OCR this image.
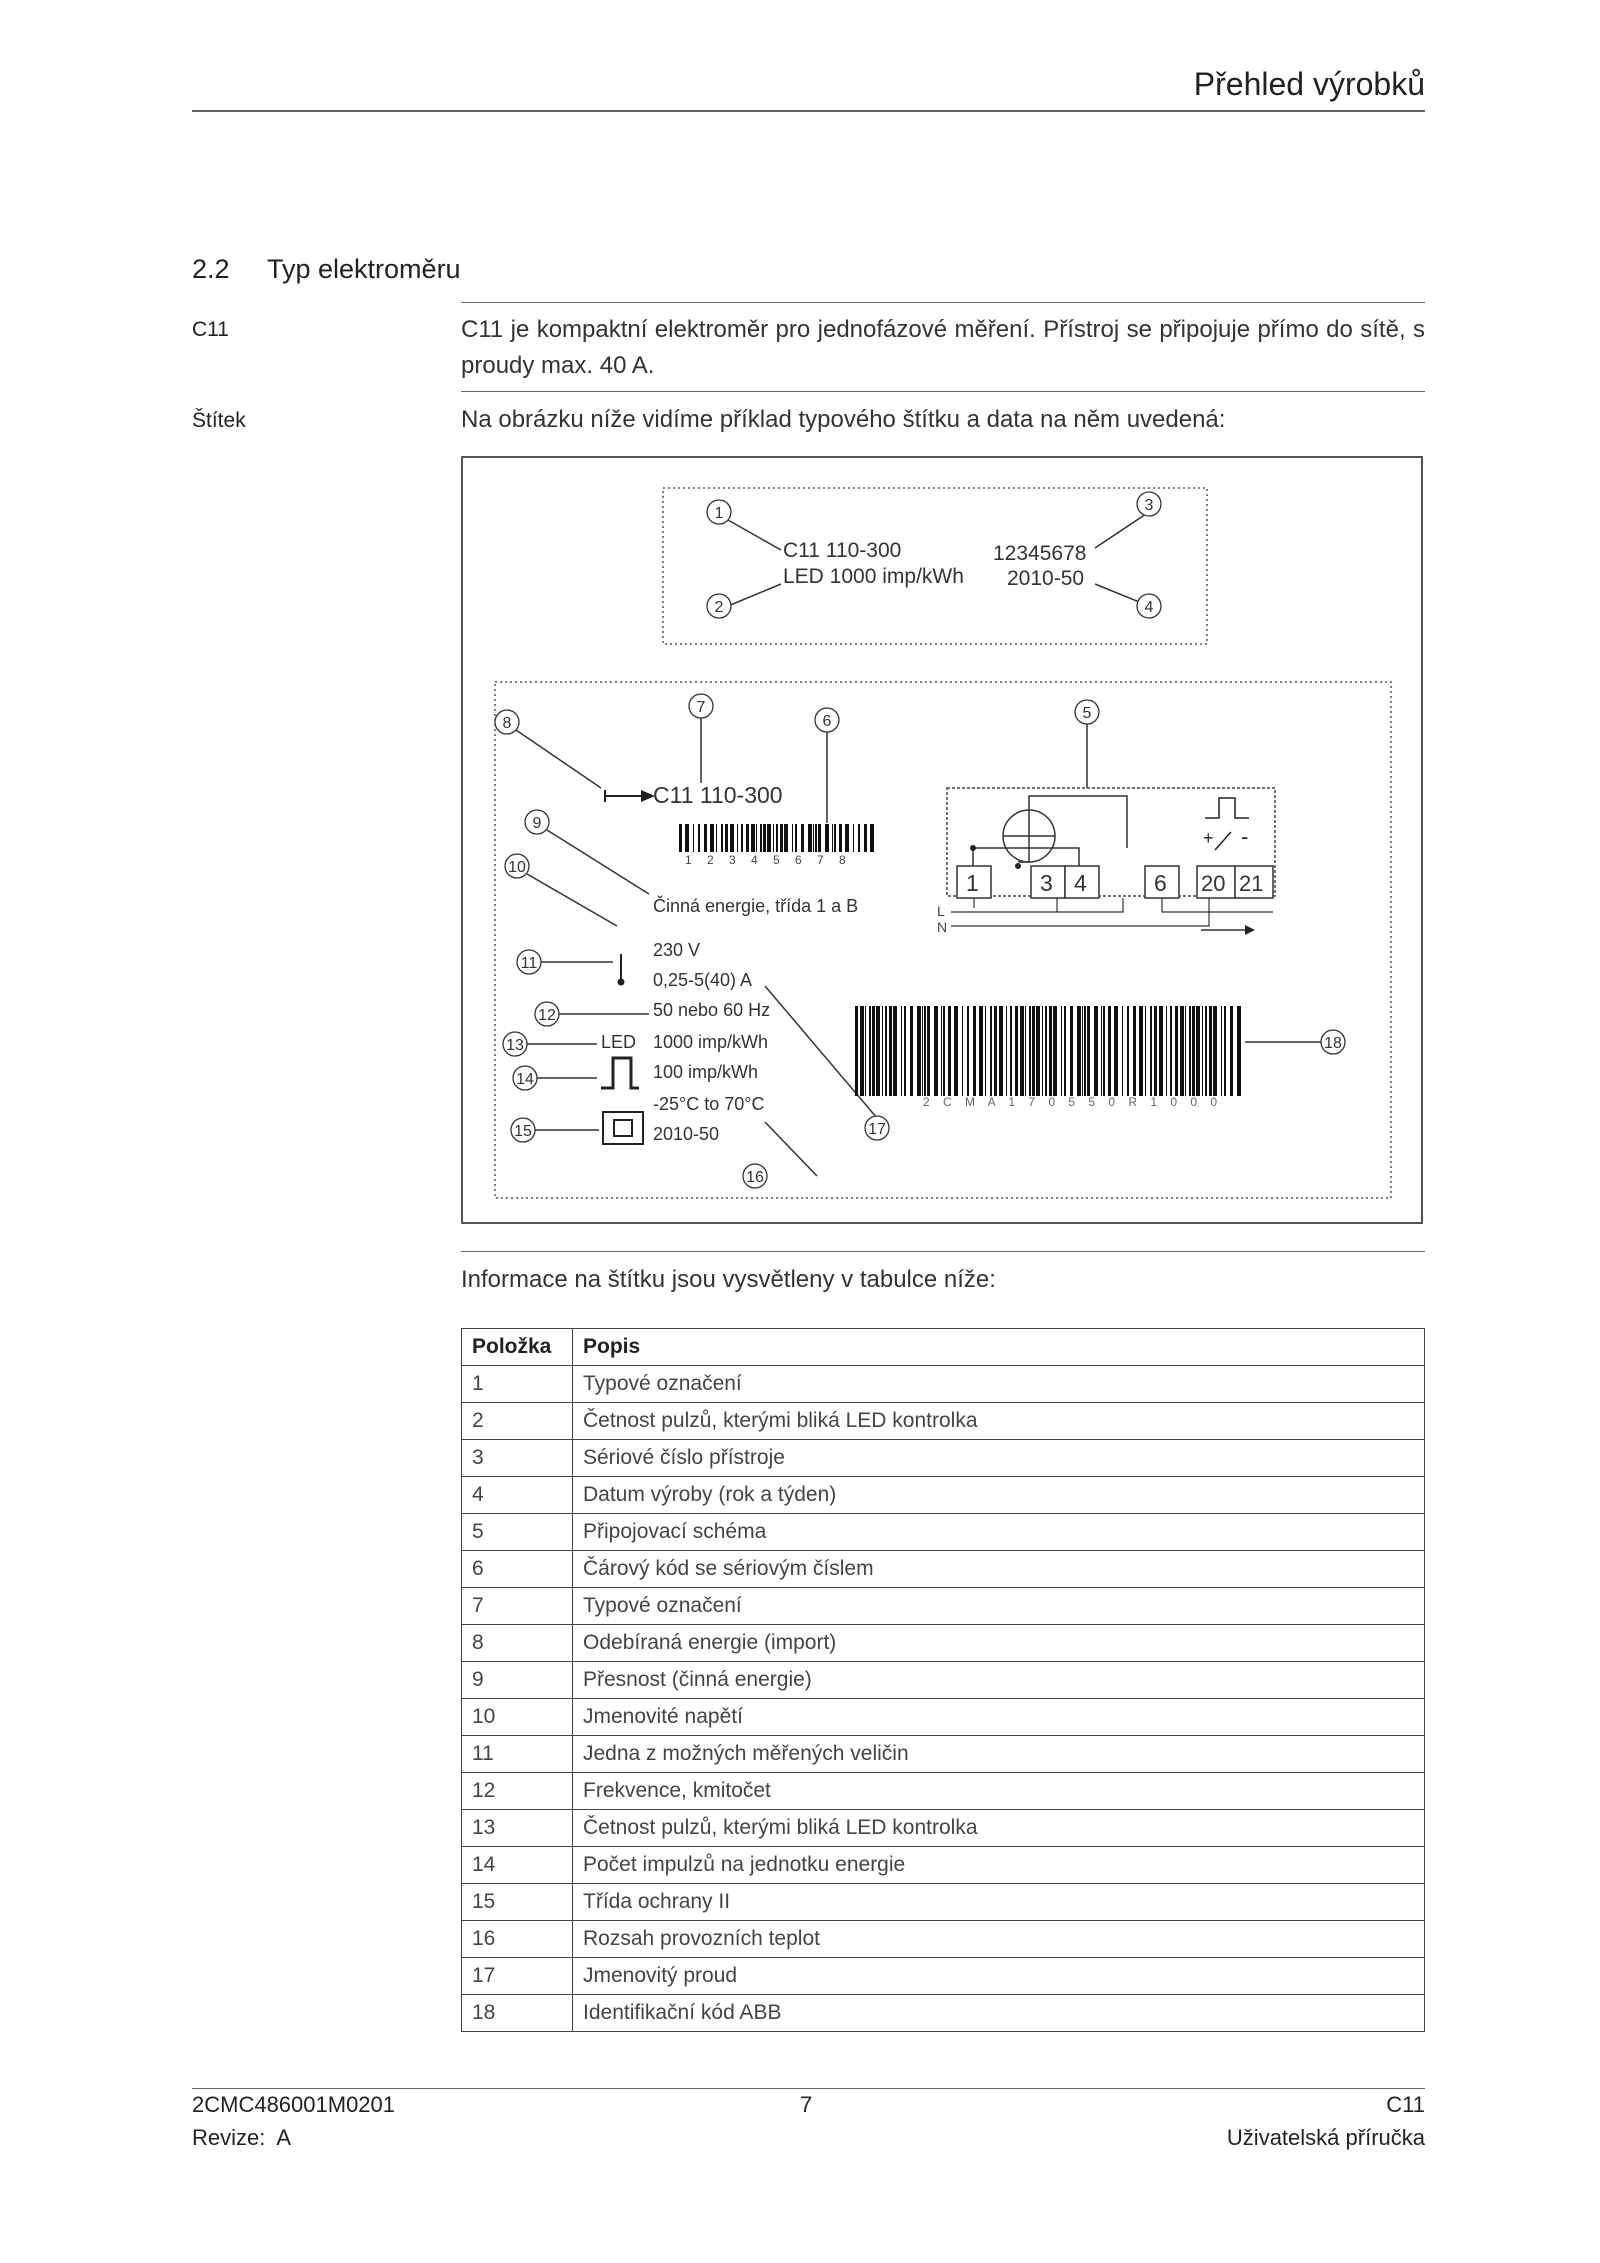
Přehled výrobků
2.2 Typ elektroměru
C11	C11 je kompaktní elektroměr pro jednofázové měření. Přístroj se připojuje přímo do sítě, s proudy max. 40 A.
Štítek	Na obrázku níže vidíme příklad typového štítku a data na něm uvedená:
C11 110-300
LED 1000 imp/kWh
12345678
2010-50
C11 110-300
1 2 3 4 5 6 7 8
Činná energie, třída 1 a B
230 V
0,25-5(40) A
50 nebo 60 Hz
LED 1000 imp/kWh
100 imp/kWh
-25°C to 70°C
2010-50
+ -
1	3 4	6 20 21
L
N
2 C M A 1 7 0 5 5 0 R 1 0 0 0
1
2
3
4
5
6
7
8
9
10
11
12
13
14
15
16
17
18
Informace na štítku jsou vysvětleny v tabulce níže:
Položka	Popis
1	Typové označení
2	Četnost pulzů, kterými bliká LED kontrolka
3	Sériové číslo přístroje
4	Datum výroby (rok a týden)
5	Připojovací schéma
6	Čárový kód se sériovým číslem
7	Typové označení
8	Odebíraná energie (import)
9	Přesnost (činná energie)
10	Jmenovité napětí
11	Jedna z možných měřených veličin
12	Frekvence, kmitočet
13	Četnost pulzů, kterými bliká LED kontrolka
14	Počet impulzů na jednotku energie
15	Třída ochrany II
16	Rozsah provozních teplot
17	Jmenovitý proud
18	Identifikační kód ABB
2CMC486001M0201
Revize:  A
7	C11
Uživatelská příručka
